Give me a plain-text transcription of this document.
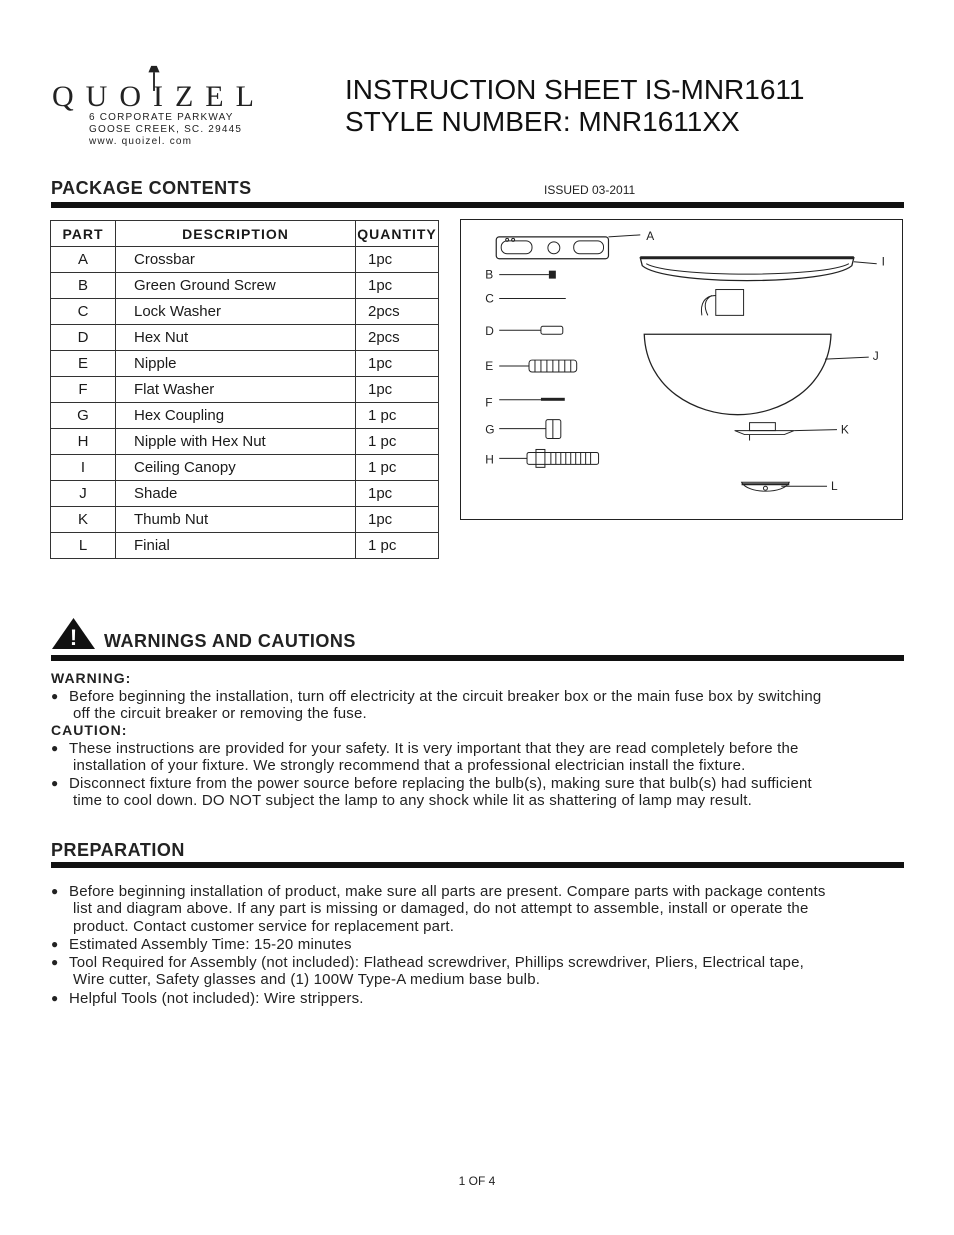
QUOIZEL
6 CORPORATE PARKWAY
GOOSE CREEK, SC. 29445
www. quoizel. com
INSTRUCTION SHEET IS-MNR1611
STYLE NUMBER: MNR1611XX
PACKAGE CONTENTS	ISSUED 03-2011
PART	DESCRIPTION	QUANTITY
A	Crossbar	1pc
B	Green Ground Screw	1pc
C	Lock Washer	2pcs
D	Hex Nut	2pcs
E	Nipple	1pc
F	Flat Washer	1pc
G	Hex Coupling	1 pc
H	Nipple with Hex Nut	1 pc
I	Ceiling Canopy	1 pc
J	Shade	1pc
K	Thumb Nut	1pc
L	Finial	1 pc
A
B
C
D
E
F
G
H
I
J
K
L
! WARNINGS AND CAUTIONS
WARNING:
● Before beginning the installation, turn off electricity at the circuit breaker box or the main fuse box by switching
off the circuit breaker or removing the fuse.
CAUTION:
● These instructions are provided for your safety. It is very important that they are read completely before the
installation of your fixture. We strongly recommend that a professional electrician install the fixture.
● Disconnect fixture from the power source before replacing the bulb(s), making sure that bulb(s) had sufficient
time to cool down. DO NOT subject the lamp to any shock while lit as shattering of lamp may result.
PREPARATION
● Before beginning installation of product, make sure all parts are present. Compare parts with package contents
list and diagram above. If any part is missing or damaged, do not attempt to assemble, install or operate the
product. Contact customer service for replacement part.
● Estimated Assembly Time: 15-20 minutes
● Tool Required for Assembly (not included): Flathead screwdriver, Phillips screwdriver, Pliers, Electrical tape,
Wire cutter, Safety glasses and (1) 100W Type-A medium base bulb.
● Helpful Tools (not included): Wire strippers.
1 OF 4
